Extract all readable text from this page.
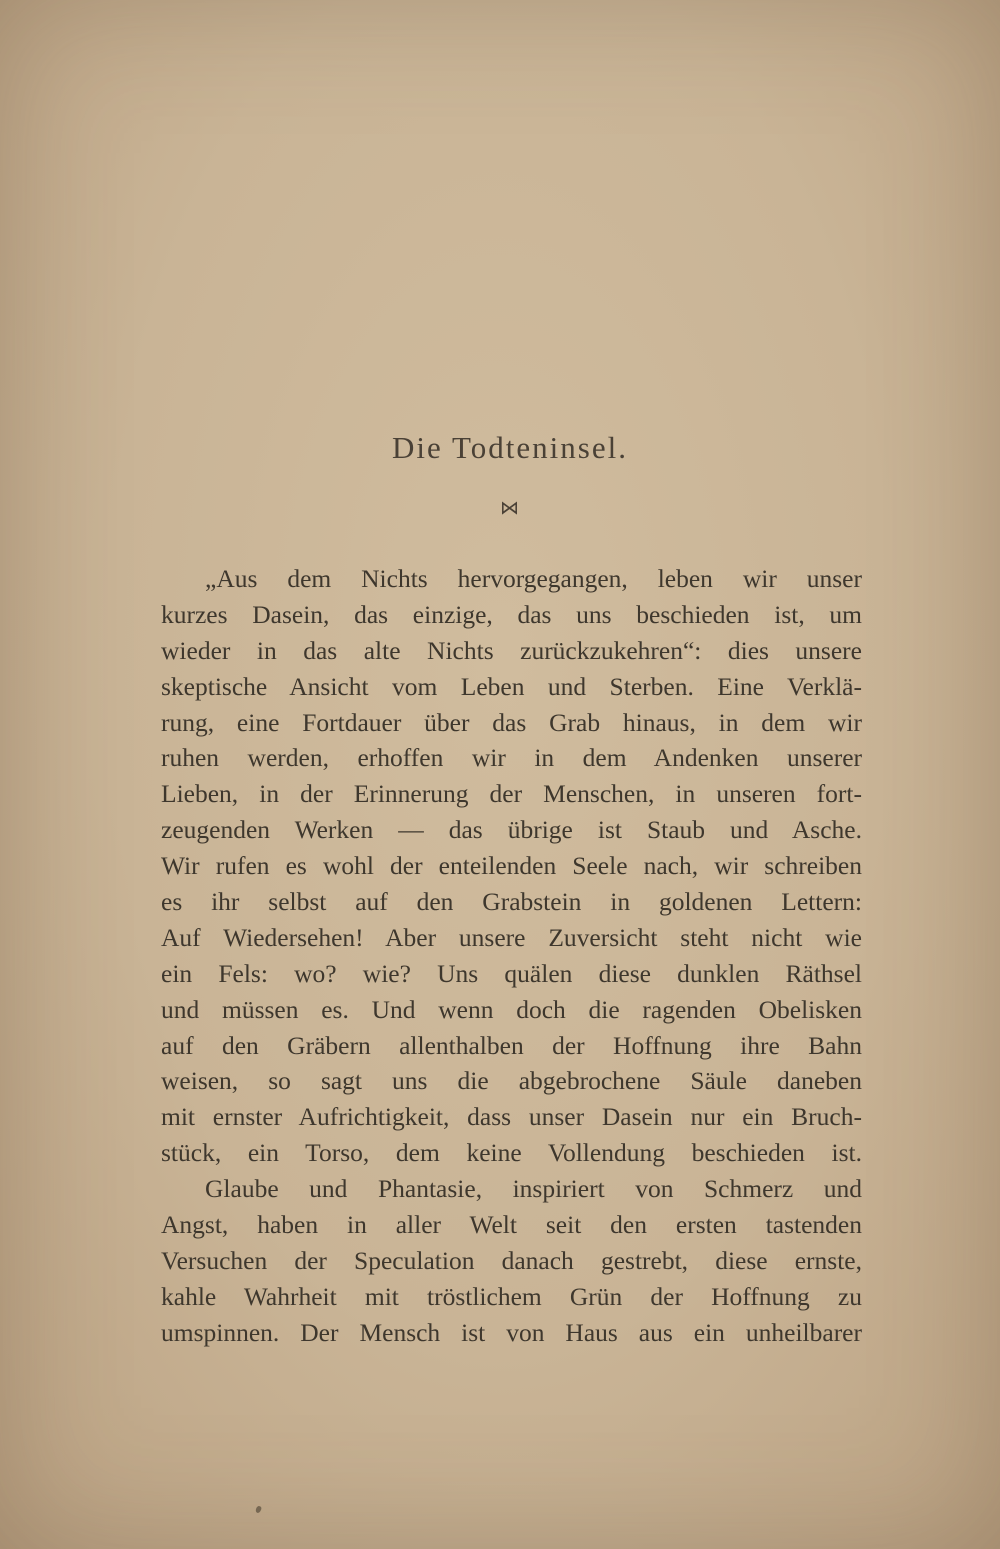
Die Todteninsel.
⋈
„Aus dem Nichts hervorgegangen, leben wir unser
kurzes Dasein, das einzige, das uns beschieden ist, um
wieder in das alte Nichts zurückzukehren“: dies unsere
skeptische Ansicht vom Leben und Sterben. Eine Verklä-
rung, eine Fortdauer über das Grab hinaus, in dem wir
ruhen werden, erhoffen wir in dem Andenken unserer
Lieben, in der Erinnerung der Menschen, in unseren fort-
zeugenden Werken — das übrige ist Staub und Asche.
Wir rufen es wohl der enteilenden Seele nach, wir schreiben
es ihr selbst auf den Grabstein in goldenen Lettern:
Auf Wiedersehen! Aber unsere Zuversicht steht nicht wie
ein Fels: wo? wie? Uns quälen diese dunklen Räthsel
und müssen es. Und wenn doch die ragenden Obelisken
auf den Gräbern allenthalben der Hoffnung ihre Bahn
weisen, so sagt uns die abgebrochene Säule daneben
mit ernster Aufrichtigkeit, dass unser Dasein nur ein Bruch-
stück, ein Torso, dem keine Vollendung beschieden ist.
Glaube und Phantasie, inspiriert von Schmerz und
Angst, haben in aller Welt seit den ersten tastenden
Versuchen der Speculation danach gestrebt, diese ernste,
kahle Wahrheit mit tröstlichem Grün der Hoffnung zu
umspinnen. Der Mensch ist von Haus aus ein unheilbarer
